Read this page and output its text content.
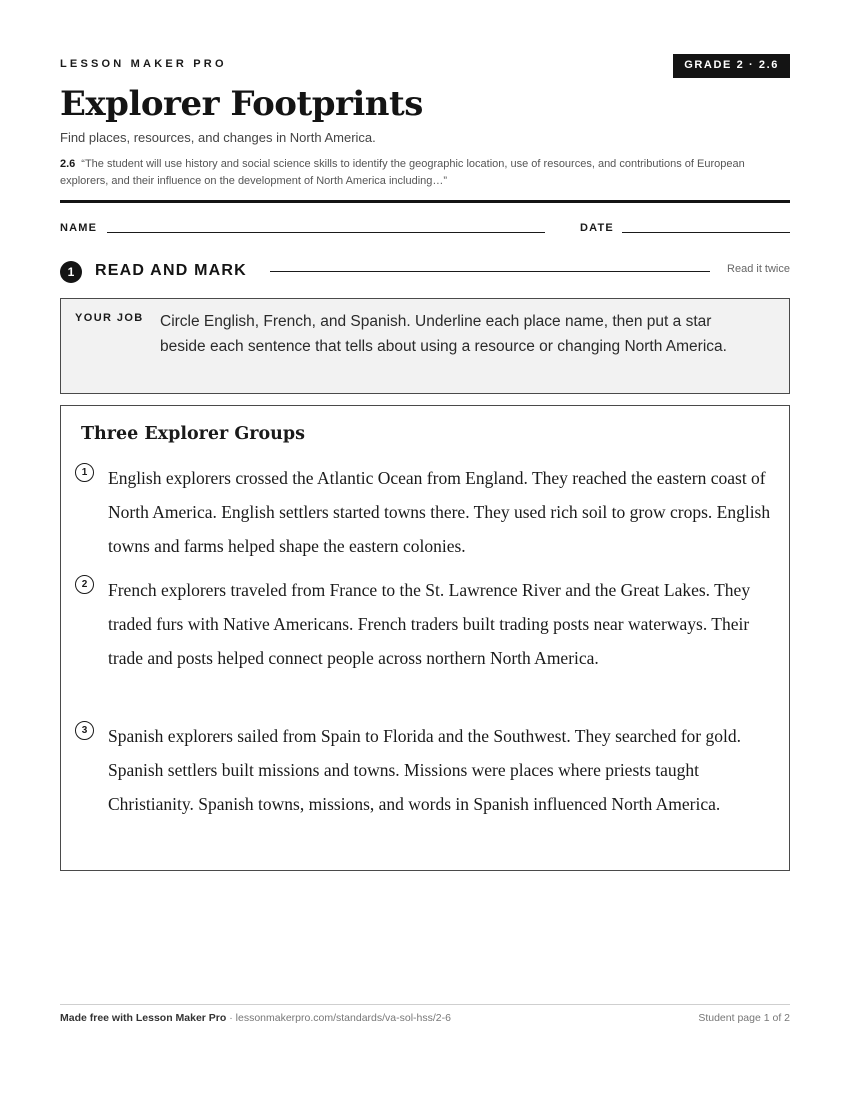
LESSON MAKER PRO	GRADE 2 · 2.6
Explorer Footprints
Find places, resources, and changes in North America.
2.6 “The student will use history and social science skills to identify the geographic location, use of resources, and contributions of European explorers, and their influence on the development of North America including…”
NAME	DATE
1	READ AND MARK	Read it twice
YOUR JOB Circle English, French, and Spanish. Underline each place name, then put a star beside each sentence that tells about using a resource or changing North America.
Three Explorer Groups
1	English explorers crossed the Atlantic Ocean from England. They reached the eastern coast of North America. English settlers started towns there. They used rich soil to grow crops. English towns and farms helped shape the eastern colonies.
2	French explorers traveled from France to the St. Lawrence River and the Great Lakes. They traded furs with Native Americans. French traders built trading posts near waterways. Their trade and posts helped connect people across northern North America.
3	Spanish explorers sailed from Spain to Florida and the Southwest. They searched for gold. Spanish settlers built missions and towns. Missions were places where priests taught Christianity. Spanish towns, missions, and words in Spanish influenced North America.
Made free with Lesson Maker Pro · lessonmakerpro.com/standards/va-sol-hss/2-6	Student page 1 of 2
